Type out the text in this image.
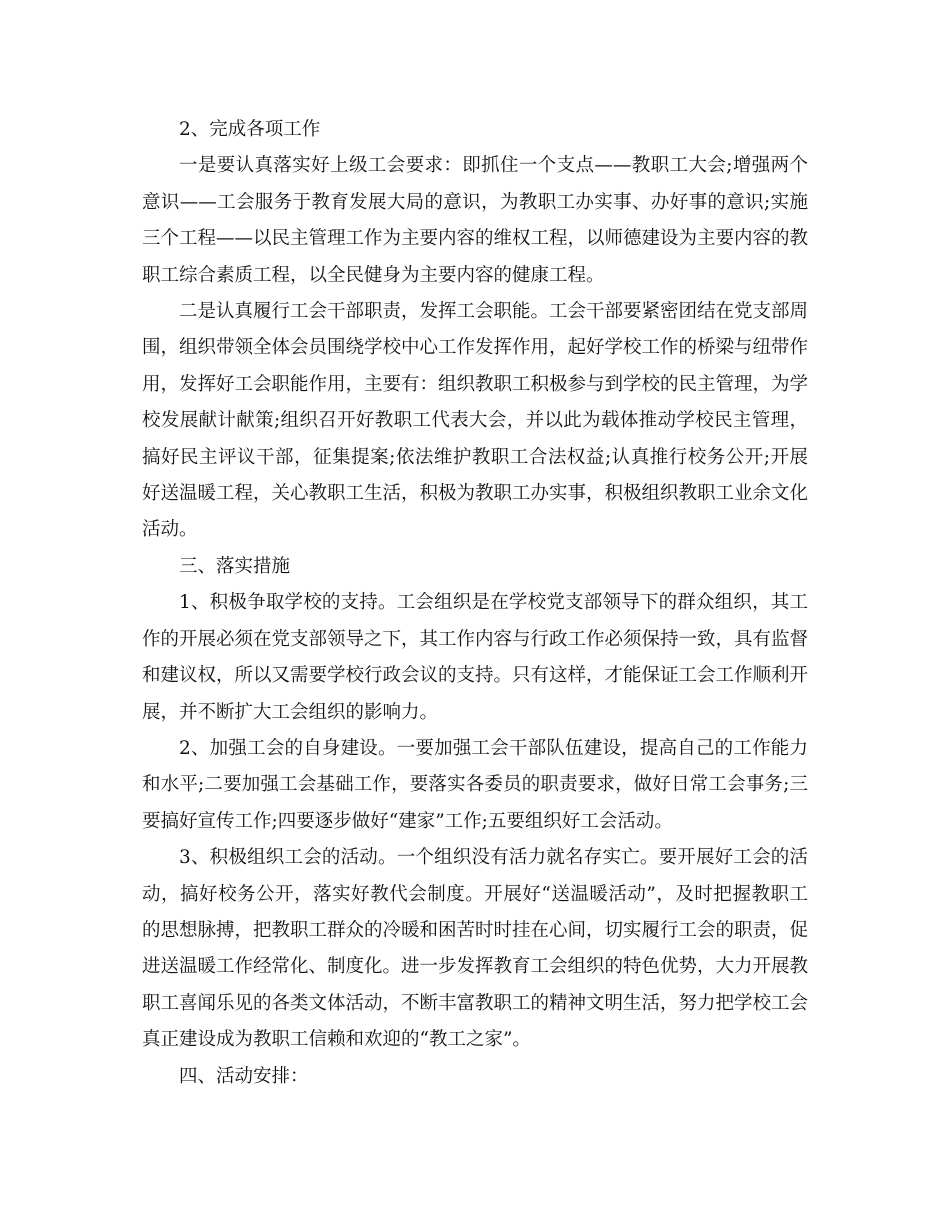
2、完成各项工作

一是要认真落实好上级工会要求：即抓住一个支点——教职工大会;增强两个意识——工会服务于教育发展大局的意识，为教职工办实事、办好事的意识;实施三个工程——以民主管理工作为主要内容的维权工程，以师德建设为主要内容的教职工综合素质工程，以全民健身为主要内容的健康工程。

二是认真履行工会干部职责，发挥工会职能。工会干部要紧密团结在党支部周围，组织带领全体会员围绕学校中心工作发挥作用，起好学校工作的桥梁与纽带作用，发挥好工会职能作用，主要有：组织教职工积极参与到学校的民主管理，为学校发展献计献策;组织召开好教职工代表大会，并以此为载体推动学校民主管理，搞好民主评议干部，征集提案;依法维护教职工合法权益;认真推行校务公开;开展好送温暖工程，关心教职工生活，积极为教职工办实事，积极组织教职工业余文化活动。

三、落实措施

1、积极争取学校的支持。工会组织是在学校党支部领导下的群众组织，其工作的开展必须在党支部领导之下，其工作内容与行政工作必须保持一致，具有监督和建议权，所以又需要学校行政会议的支持。只有这样，才能保证工会工作顺利开展，并不断扩大工会组织的影响力。

2、加强工会的自身建设。一要加强工会干部队伍建设，提高自己的工作能力和水平;二要加强工会基础工作，要落实各委员的职责要求，做好日常工会事务;三要搞好宣传工作;四要逐步做好“建家”工作;五要组织好工会活动。

3、积极组织工会的活动。一个组织没有活力就名存实亡。要开展好工会的活动，搞好校务公开，落实好教代会制度。开展好“送温暖活动”，及时把握教职工的思想脉搏，把教职工群众的冷暖和困苦时时挂在心间，切实履行工会的职责，促进送温暖工作经常化、制度化。进一步发挥教育工会组织的特色优势，大力开展教职工喜闻乐见的各类文体活动，不断丰富教职工的精神文明生活，努力把学校工会真正建设成为教职工信赖和欢迎的“教工之家”。

四、活动安排：
